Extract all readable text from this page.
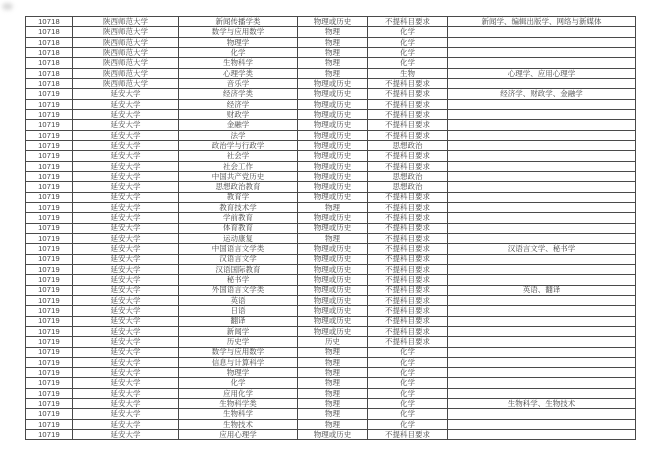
10718	陕西师范大学	新闻传播学类	物理或历史	不提科目要求	新闻学、编辑出版学、网络与新媒体
10718	陕西师范大学	数学与应用数学	物理	化学	
10718	陕西师范大学	物理学	物理	化学	
10718	陕西师范大学	化学	物理	化学	
10718	陕西师范大学	生物科学	物理	化学	
10718	陕西师范大学	心理学类	物理	生物	心理学、应用心理学
10718	陕西师范大学	音乐学	物理或历史	不提科目要求	
10719	延安大学	经济学类	物理或历史	不提科目要求	经济学、财政学、金融学
10719	延安大学	经济学	物理或历史	不提科目要求	
10719	延安大学	财政学	物理或历史	不提科目要求	
10719	延安大学	金融学	物理或历史	不提科目要求	
10719	延安大学	法学	物理或历史	不提科目要求	
10719	延安大学	政治学与行政学	物理或历史	思想政治	
10719	延安大学	社会学	物理或历史	不提科目要求	
10719	延安大学	社会工作	物理或历史	不提科目要求	
10719	延安大学	中国共产党历史	物理或历史	思想政治	
10719	延安大学	思想政治教育	物理或历史	思想政治	
10719	延安大学	教育学	物理或历史	不提科目要求	
10719	延安大学	教育技术学	物理	不提科目要求	
10719	延安大学	学前教育	物理或历史	不提科目要求	
10719	延安大学	体育教育	物理或历史	不提科目要求	
10719	延安大学	运动康复	物理	不提科目要求	
10719	延安大学	中国语言文学类	物理或历史	不提科目要求	汉语言文学、秘书学
10719	延安大学	汉语言文学	物理或历史	不提科目要求	
10719	延安大学	汉语国际教育	物理或历史	不提科目要求	
10719	延安大学	秘书学	物理或历史	不提科目要求	
10719	延安大学	外国语言文学类	物理或历史	不提科目要求	英语、翻译
10719	延安大学	英语	物理或历史	不提科目要求	
10719	延安大学	日语	物理或历史	不提科目要求	
10719	延安大学	翻译	物理或历史	不提科目要求	
10719	延安大学	新闻学	物理或历史	不提科目要求	
10719	延安大学	历史学	历史	不提科目要求	
10719	延安大学	数学与应用数学	物理	化学	
10719	延安大学	信息与计算科学	物理	化学	
10719	延安大学	物理学	物理	化学	
10719	延安大学	化学	物理	化学	
10719	延安大学	应用化学	物理	化学	
10719	延安大学	生物科学类	物理	化学	生物科学、生物技术
10719	延安大学	生物科学	物理	化学	
10719	延安大学	生物技术	物理	化学	
10719	延安大学	应用心理学	物理或历史	不提科目要求	
